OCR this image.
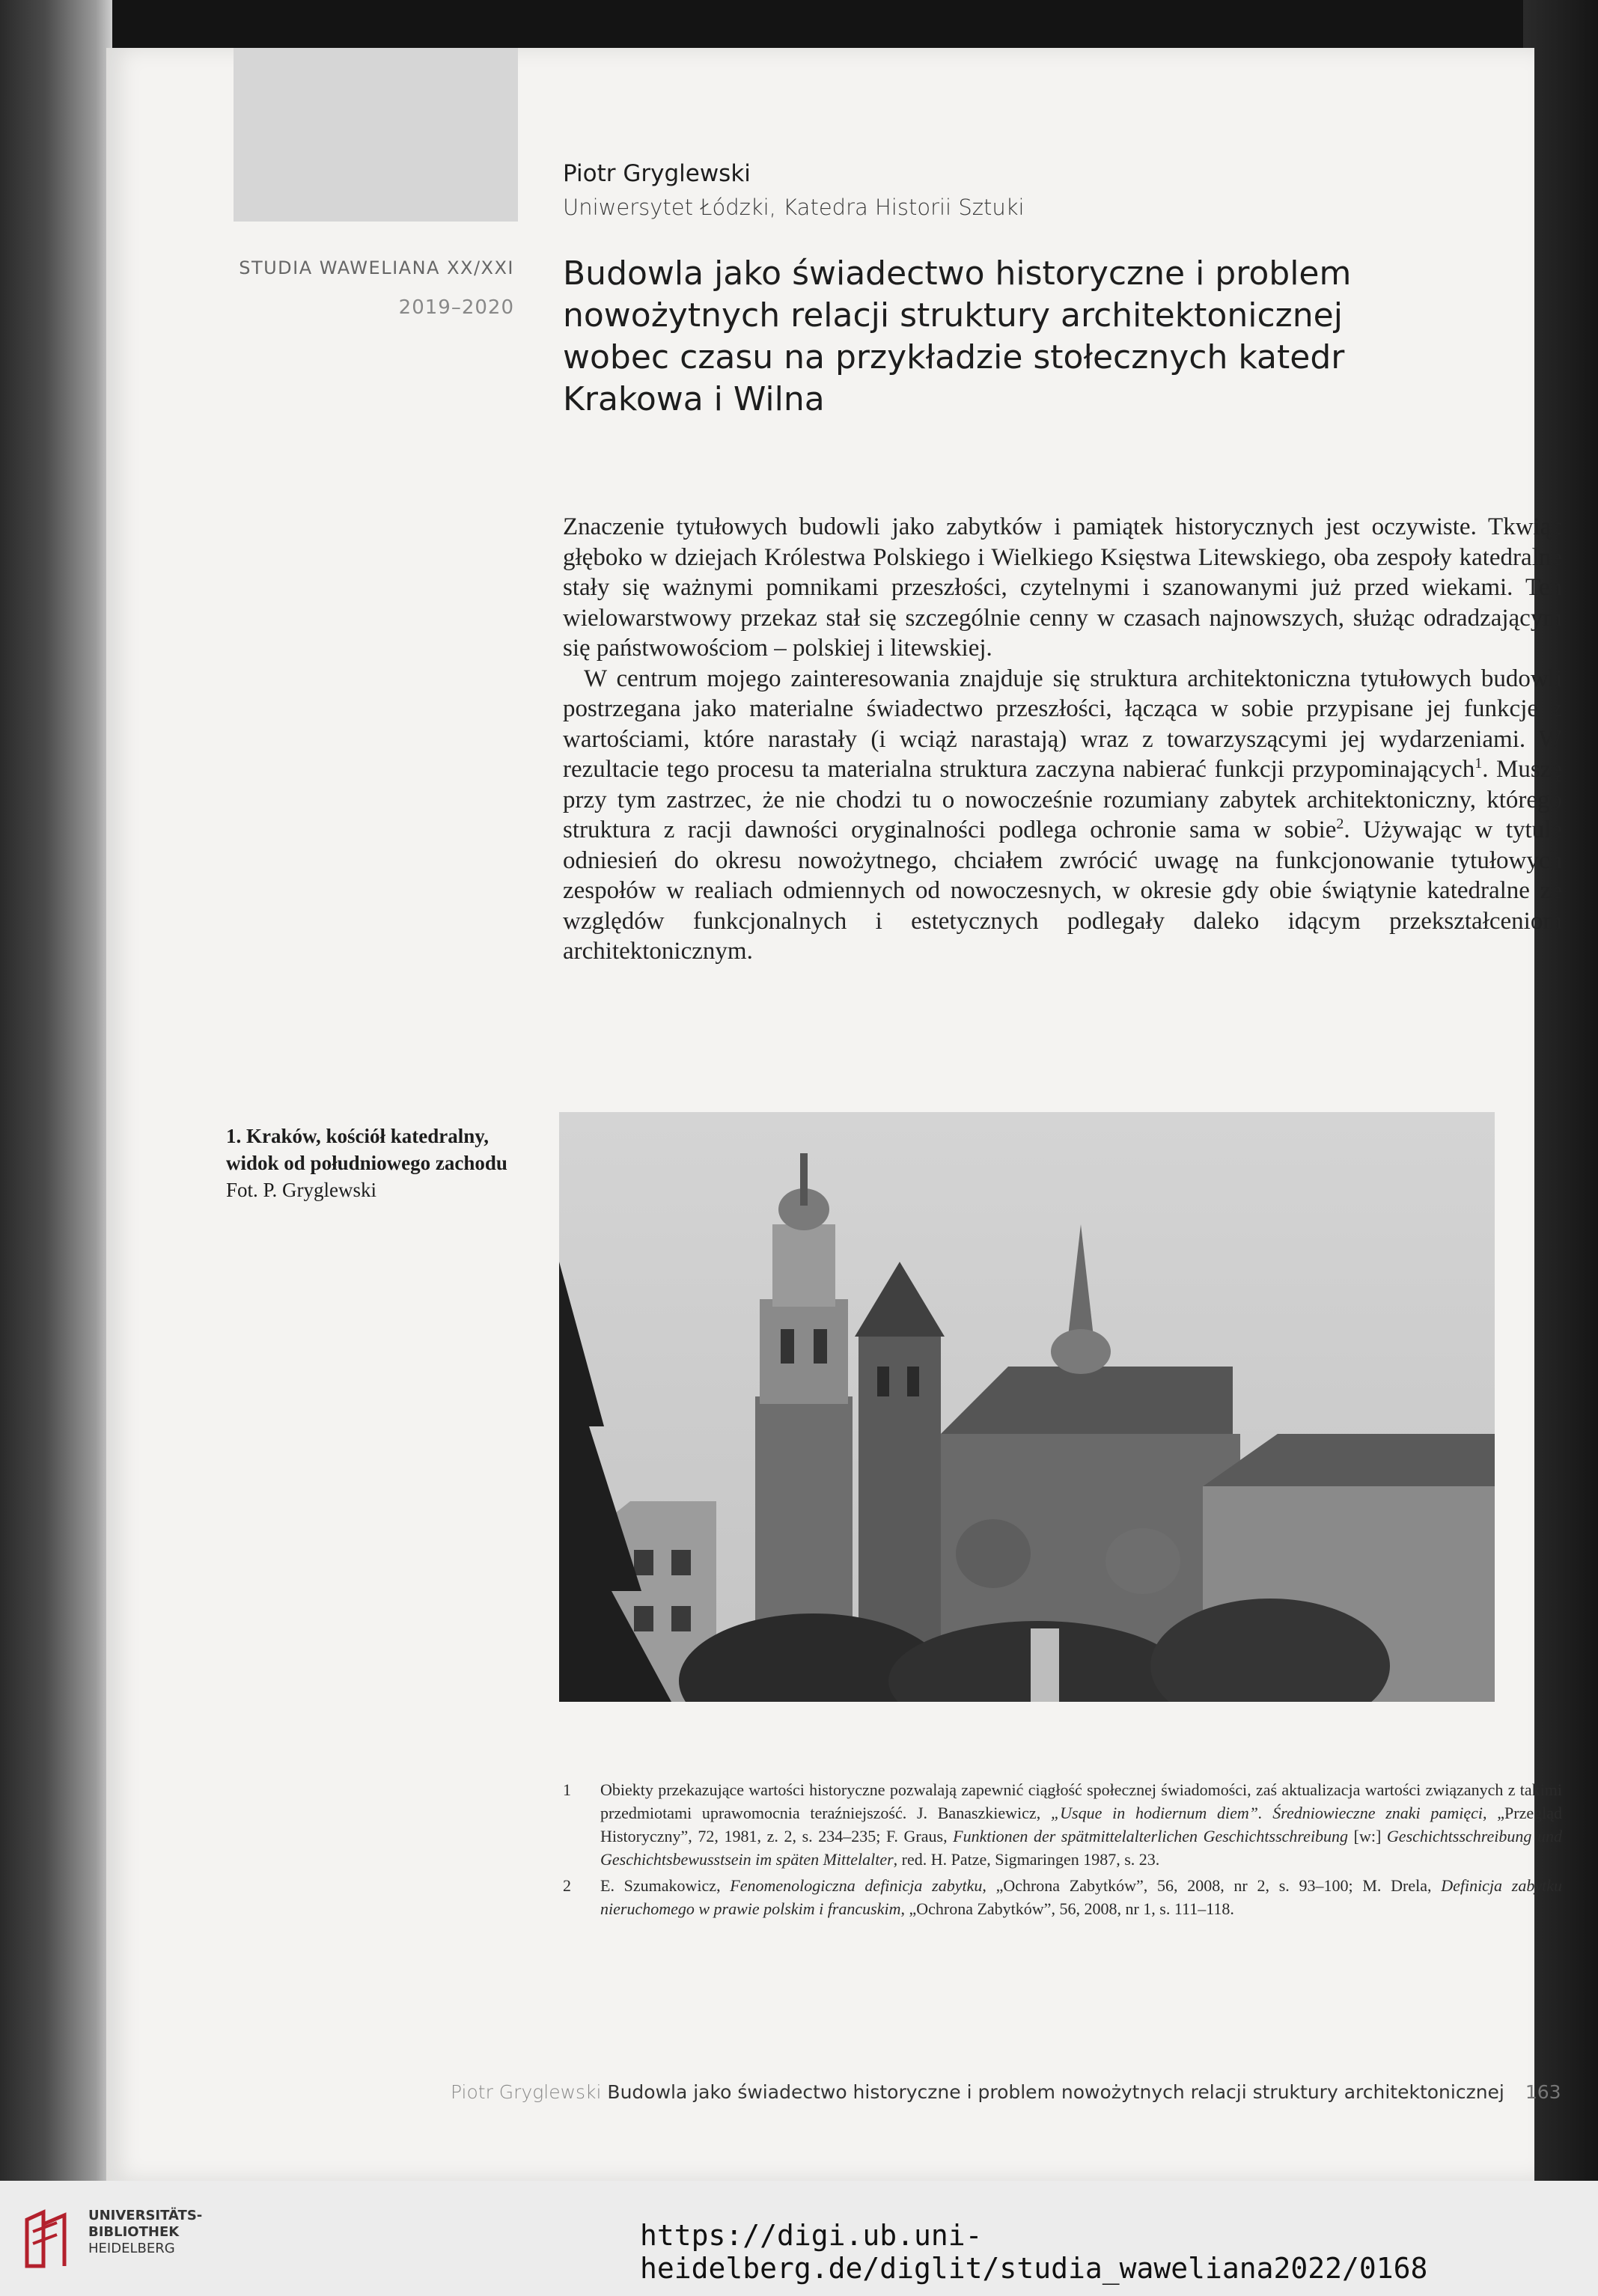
Piotr Gryglewski
Uniwersytet Łódzki, Katedra Historii Sztuki
STUDIA WAWELIANA XX/XXI
2019–2020
Budowla jako świadectwo historyczne i problem
nowożytnych relacji struktury architektonicznej
wobec czasu na przykładzie stołecznych katedr
Krakowa i Wilna

Znaczenie tytułowych budowli jako zabytków i pamiątek historycznych jest oczywiste. Tkwiąc głęboko w dziejach Królestwa Polskiego i Wielkiego Księstwa Litewskiego, oba zespoły katedralne stały się ważnymi pomnikami przeszłości, czytelnymi i szanowanymi już przed wiekami. Ten wielowarstwowy przekaz stał się szczególnie cenny w czasach najnowszych, służąc odradzającym się państwowościom – polskiej i litewskiej.

W centrum mojego zainteresowania znajduje się struktura architektoniczna tytułowych budowli postrzegana jako materialne świadectwo przeszłości, łącząca w sobie przypisane jej funkcje z wartościami, które narastały (i wciąż narastają) wraz z towarzyszącymi jej wydarzeniami. W rezultacie tego procesu ta materialna struktura zaczyna nabierać funkcji przypominających$^1$. Muszę przy tym zastrzec, że nie chodzi tu o nowocześnie rozumiany zabytek architektoniczny, którego struktura z racji dawności oryginalności podlega ochronie sama w sobie$^2$. Używając w tytule odniesień do okresu nowożytnego, chciałem zwrócić uwagę na funkcjonowanie tytułowych zespołów w realiach odmiennych od nowoczesnych, w okresie gdy obie świątynie katedralne ze względów funkcjonalnych i estetycznych podlegały daleko idącym przekształceniom architektonicznym.

1. Kraków, kościół katedralny, widok od południowego zachodu
Fot. P. Gryglewski
1 Obiekty przekazujące wartości historyczne pozwalają zapewnić ciągłość społecznej świadomości, zaś aktualizacja wartości związanych z takimi przedmiotami uprawomocnia teraźniejszość. J. Banaszkiewicz, „Usque in hodiernum diem”. Średniowieczne znaki pamięci, „Przegląd Historyczny”, 72, 1981, z. 2, s. 234–235; F. Graus, Funktionen der spätmittelalterlichen Geschichtsschreibung [w:] Geschichtsschreibung und Geschichtsbewusstsein im späten Mittelalter, red. H. Patze, Sigmaringen 1987, s. 23.
2 E. Szumakowicz, Fenomenologiczna definicja zabytku, „Ochrona Zabytków”, 56, 2008, nr 2, s. 93–100; M. Drela, Definicja zabytku nieruchomego w prawie polskim i francuskim, „Ochrona Zabytków”, 56, 2008, nr 1, s. 111–118.
Piotr Gryglewski Budowla jako świadectwo historyczne i problem nowożytnych relacji struktury architektonicznej 163
UNIVERSITÄTS-
BIBLIOTHEK
HEIDELBERG	https://digi.ub.uni-heidelberg.de/diglit/studia_waweliana2022/0168
